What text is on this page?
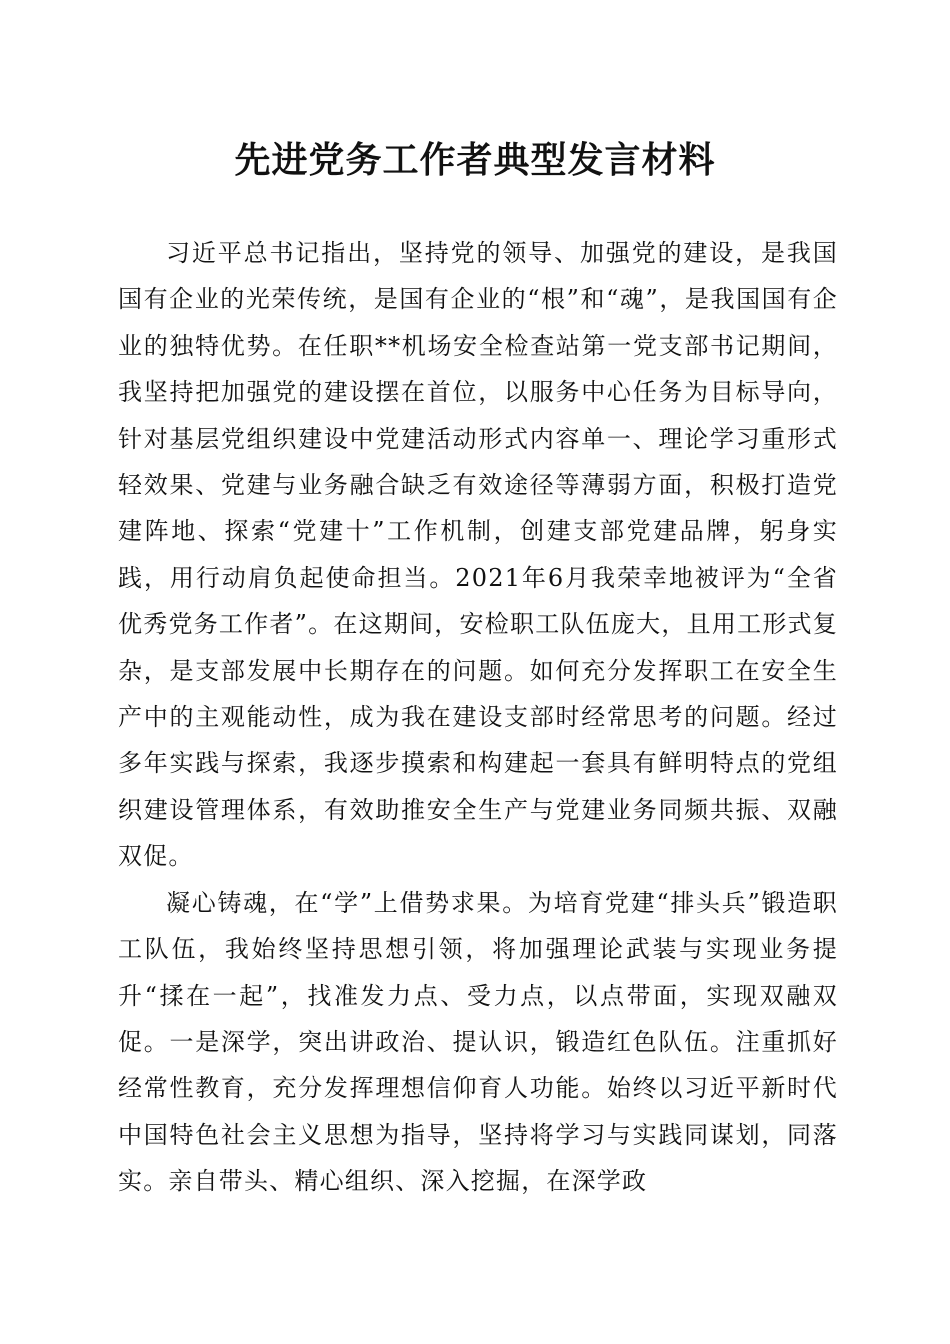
先进党务工作者典型发言材料

习近平总书记指出，坚持党的领导、加强党的建设，是我国国有企业的光荣传统，是国有企业的“根”和“魂”，是我国国有企业的独特优势。在任职**机场安全检查站第一党支部书记期间，我坚持把加强党的建设摆在首位，以服务中心任务为目标导向，针对基层党组织建设中党建活动形式内容单一、理论学习重形式轻效果、党建与业务融合缺乏有效途径等薄弱方面，积极打造党建阵地、探索“党建十”工作机制，创建支部党建品牌，躬身实践，用行动肩负起使命担当。2021年6月我荣幸地被评为“全省优秀党务工作者”。在这期间，安检职工队伍庞大，且用工形式复杂，是支部发展中长期存在的问题。如何充分发挥职工在安全生产中的主观能动性，成为我在建设支部时经常思考的问题。经过多年实践与探索，我逐步摸索和构建起一套具有鲜明特点的党组织建设管理体系，有效助推安全生产与党建业务同频共振、双融双促。

凝心铸魂，在“学”上借势求果。为培育党建“排头兵”锻造职工队伍，我始终坚持思想引领，将加强理论武装与实现业务提升“揉在一起”，找准发力点、受力点，以点带面，实现双融双促。一是深学，突出讲政治、提认识，锻造红色队伍。注重抓好经常性教育，充分发挥理想信仰育人功能。始终以习近平新时代中国特色社会主义思想为指导，坚持将学习与实践同谋划，同落实。亲自带头、精心组织、深入挖掘，在深学政
